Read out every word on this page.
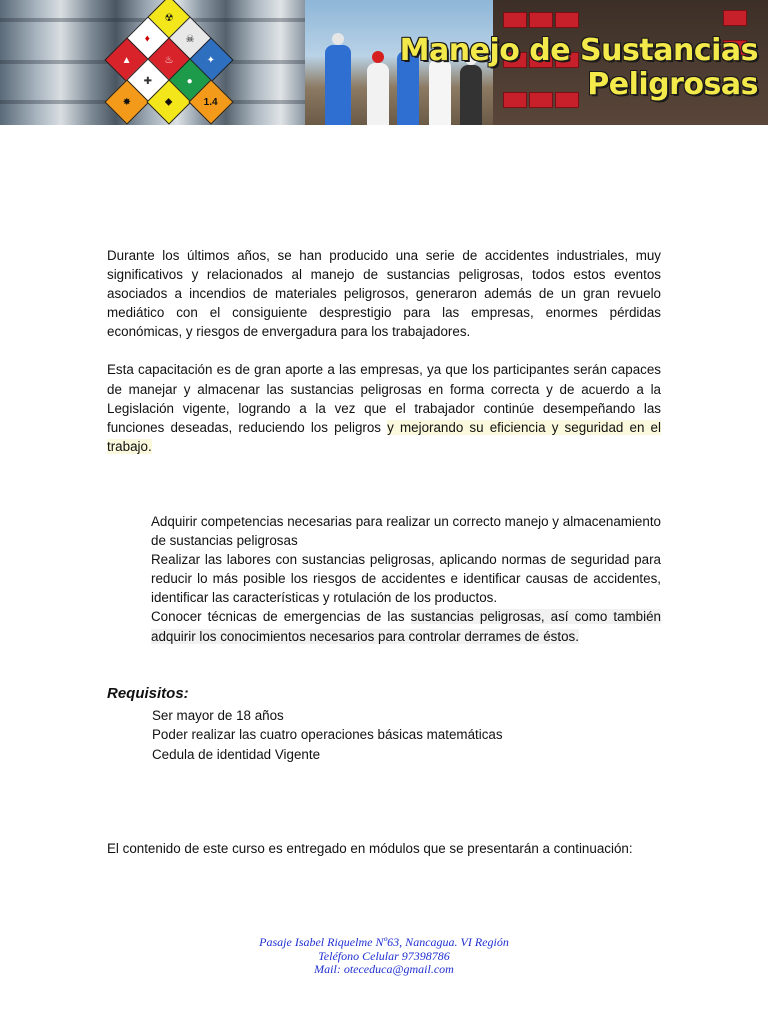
☢
♦	☠
▲	♨	✦
✚	●
✸	◆	1.4
Manejo de Sustancias
Peligrosas

Durante los últimos años, se han producido una serie de accidentes industriales, muy significativos y relacionados al manejo de sustancias peligrosas, todos estos eventos asociados a incendios de materiales peligrosos, generaron además de un gran revuelo mediático con el consiguiente desprestigio para las empresas, enormes pérdidas económicas, y riesgos de envergadura para los trabajadores.

Esta capacitación es de gran aporte a las empresas, ya que los participantes serán capaces de manejar y almacenar las sustancias peligrosas en forma correcta y de acuerdo a la Legislación vigente, logrando a la vez que el trabajador continúe desempeñando las funciones deseadas, reduciendo los peligros y mejorando su eficiencia y seguridad en el trabajo.

Adquirir competencias necesarias para realizar un correcto manejo y almacenamiento de sustancias peligrosas

Realizar las labores con sustancias peligrosas, aplicando normas de seguridad para reducir lo más posible los riesgos de accidentes e identificar causas de accidentes, identificar las características y rotulación de los productos.

Conocer técnicas de emergencias de las sustancias peligrosas, así como también adquirir los conocimientos necesarios para controlar derrames de éstos.

Requisitos:

Ser mayor de 18 años

Poder realizar las cuatro operaciones básicas matemáticas

Cedula de identidad Vigente

El contenido de este curso es entregado en módulos que se presentarán a continuación:
Pasaje Isabel Riquelme Nº63, Nancagua. VI Región
Teléfono Celular 97398786
Mail: oteceduca@gmail.com
